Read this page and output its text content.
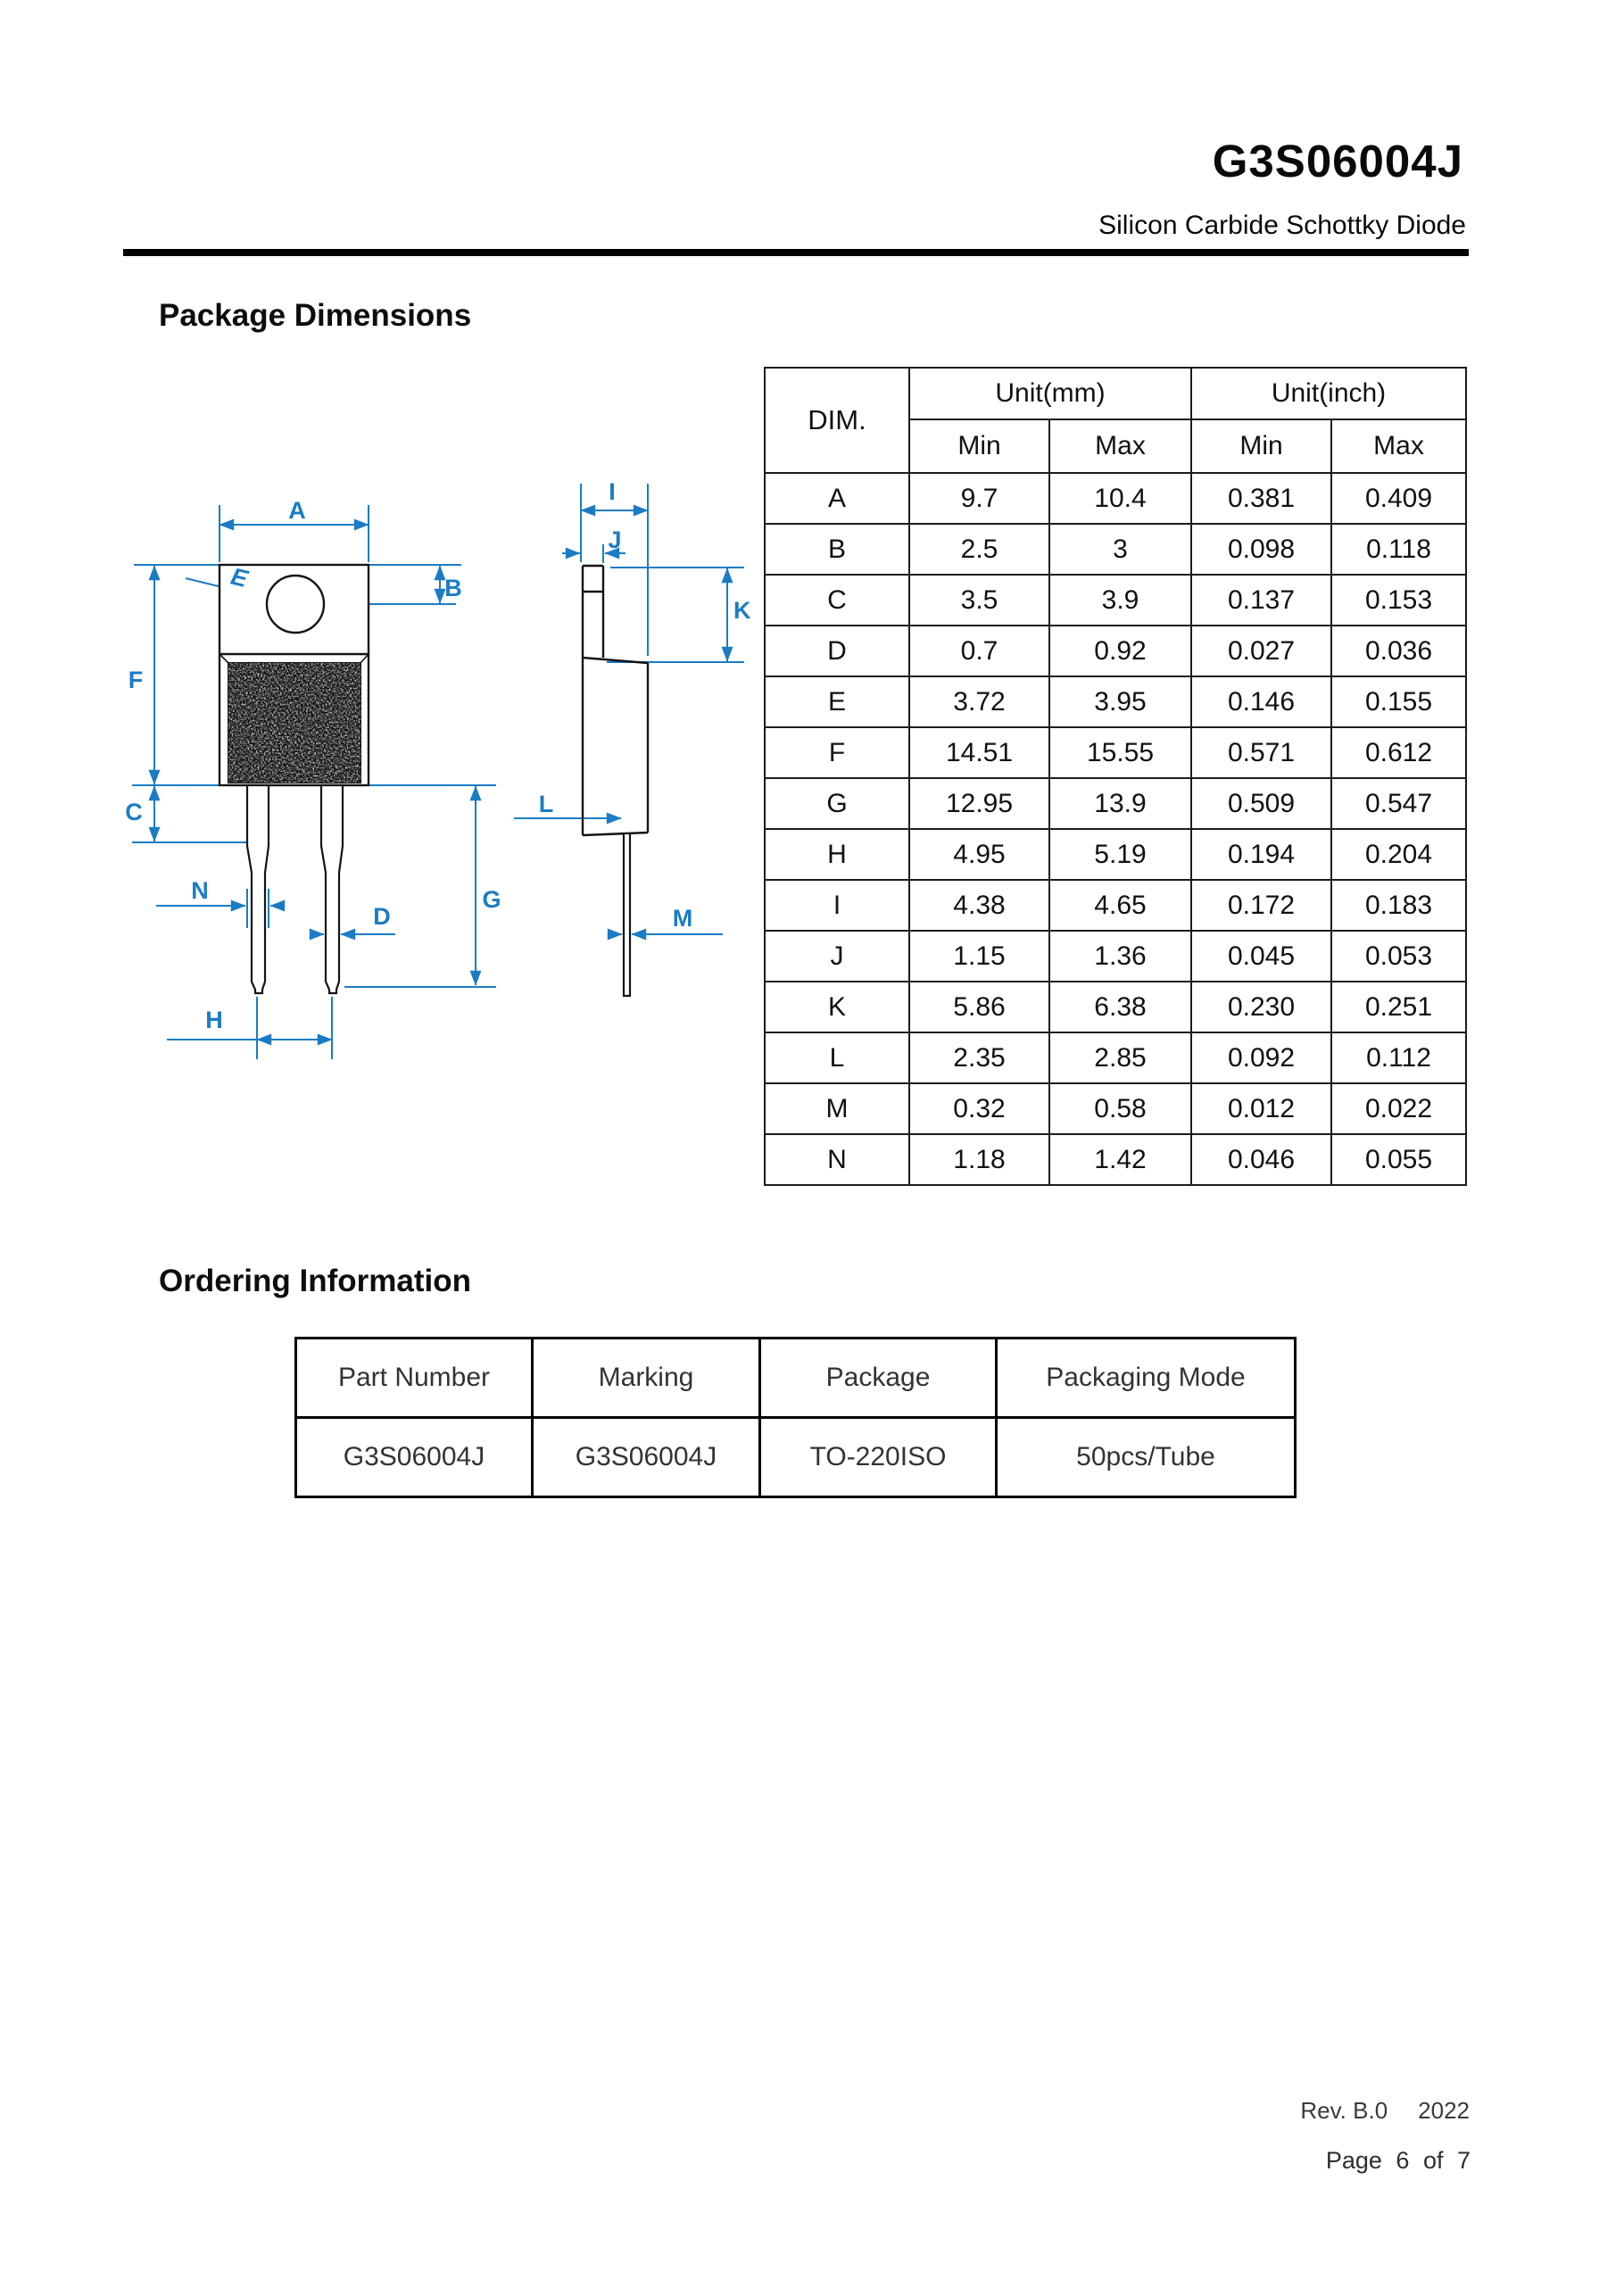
G3S06004J
Silicon Carbide Schottky Diode
Package Dimensions
A
B
C
D
E
F
G
H
I
J
K
L
M
N
DIM.	Unit(mm)		Unit(inch)	
	Min	Max	Min	Max
A	9.7	10.4	0.381	0.409
B	2.5	3	0.098	0.118
C	3.5	3.9	0.137	0.153
D	0.7	0.92	0.027	0.036
E	3.72	3.95	0.146	0.155
F	14.51	15.55	0.571	0.612
G	12.95	13.9	0.509	0.547
H	4.95	5.19	0.194	0.204
I	4.38	4.65	0.172	0.183
J	1.15	1.36	0.045	0.053
K	5.86	6.38	0.230	0.251
L	2.35	2.85	0.092	0.112
M	0.32	0.58	0.012	0.022
N	1.18	1.42	0.046	0.055
Ordering Information
Part Number	Marking	Package	Packaging Mode
G3S06004J	G3S06004J	TO-220ISO	50pcs/Tube
Rev. B.0 2022
Page 6 of 7
